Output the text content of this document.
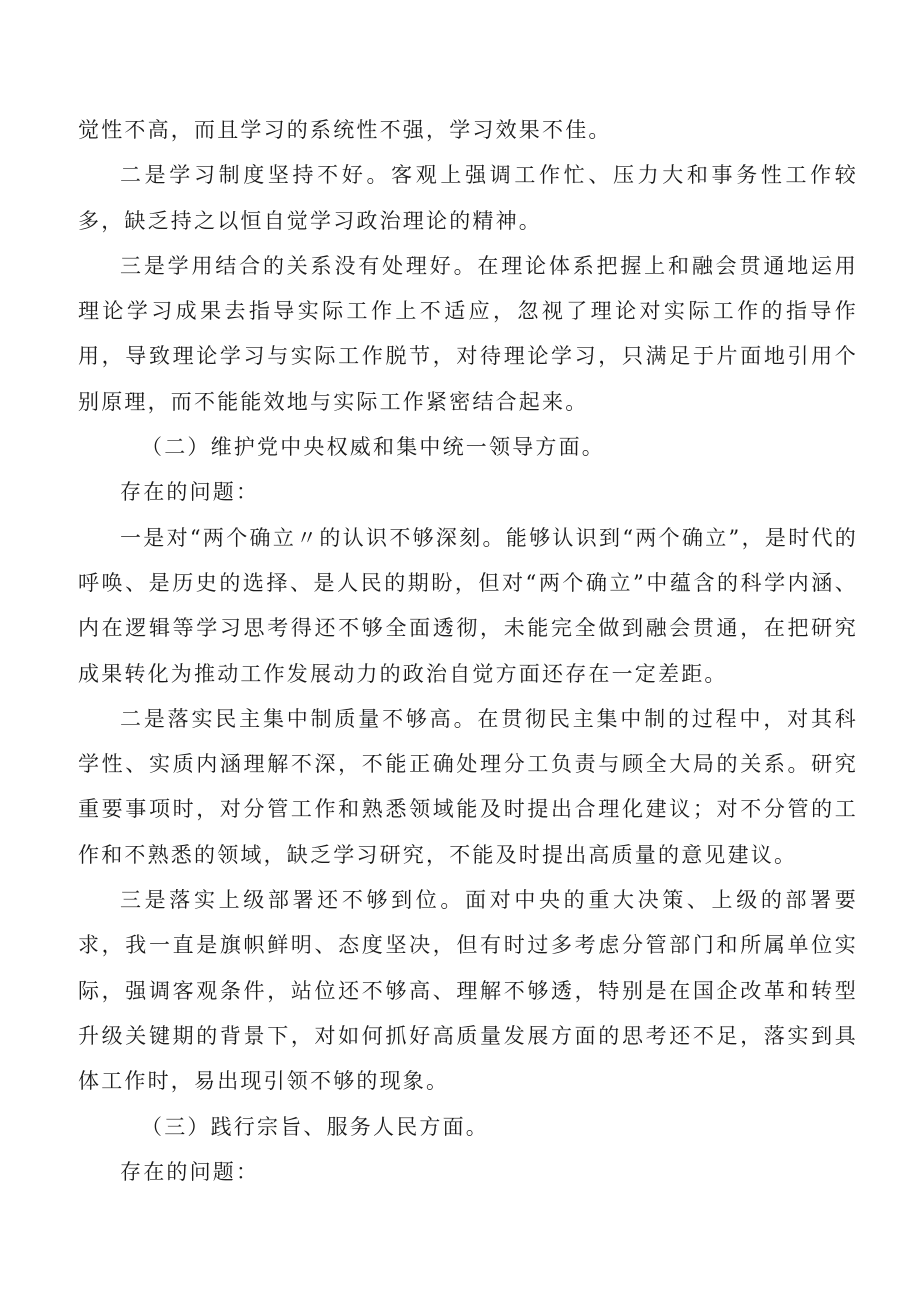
觉性不高，而且学习的系统性不强，学习效果不佳。

二是学习制度坚持不好。客观上强调工作忙、压力大和事务性工作较多，缺乏持之以恒自觉学习政治理论的精神。

三是学用结合的关系没有处理好。在理论体系把握上和融会贯通地运用理论学习成果去指导实际工作上不适应，忽视了理论对实际工作的指导作用，导致理论学习与实际工作脱节，对待理论学习，只满足于片面地引用个别原理，而不能能效地与实际工作紧密结合起来。

（二）维护党中央权威和集中统一领导方面。

存在的问题：

一是对“两个确立〃的认识不够深刻。能够认识到“两个确立”，是时代的呼唤、是历史的选择、是人民的期盼，但对“两个确立”中蕴含的科学内涵、内在逻辑等学习思考得还不够全面透彻，未能完全做到融会贯通，在把研究成果转化为推动工作发展动力的政治自觉方面还存在一定差距。

二是落实民主集中制质量不够高。在贯彻民主集中制的过程中，对其科学性、实质内涵理解不深，不能正确处理分工负责与顾全大局的关系。研究重要事项时，对分管工作和熟悉领域能及时提出合理化建议；对不分管的工作和不熟悉的领域，缺乏学习研究，不能及时提出高质量的意见建议。

三是落实上级部署还不够到位。面对中央的重大决策、上级的部署要求，我一直是旗帜鲜明、态度坚决，但有时过多考虑分管部门和所属单位实际，强调客观条件，站位还不够高、理解不够透，特别是在国企改革和转型升级关键期的背景下，对如何抓好高质量发展方面的思考还不足，落实到具体工作时，易出现引领不够的现象。

（三）践行宗旨、服务人民方面。

存在的问题：
